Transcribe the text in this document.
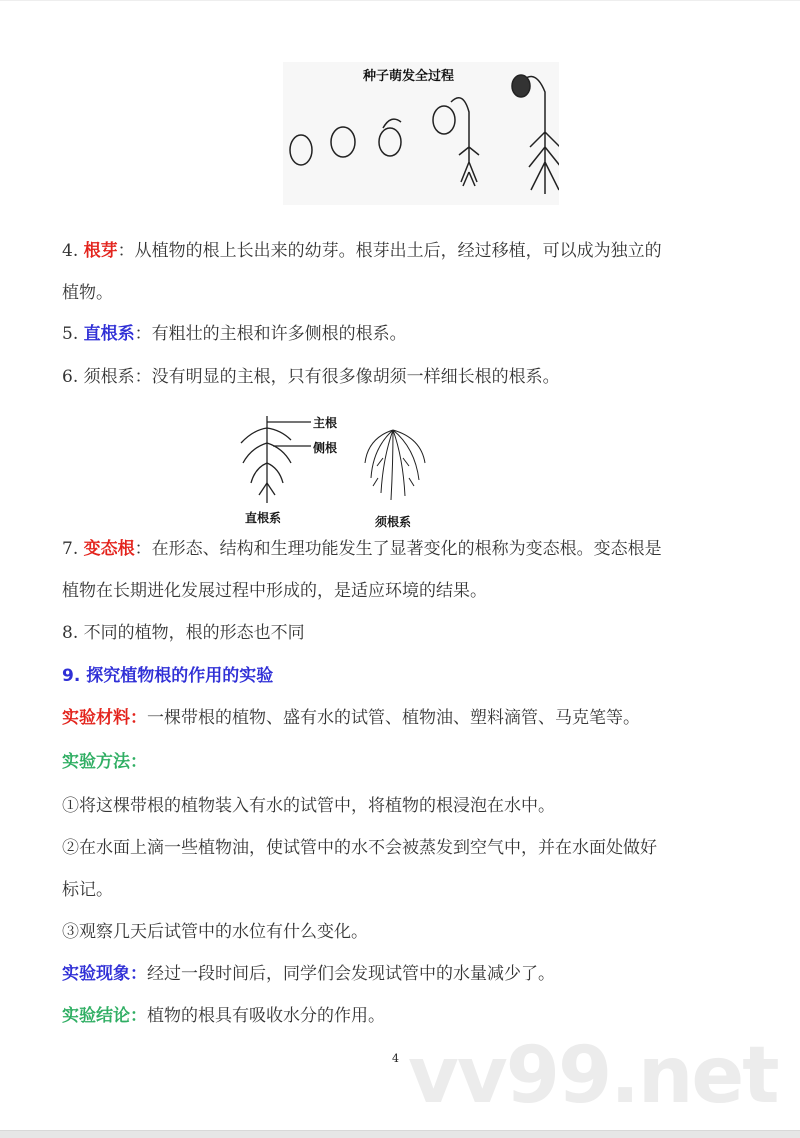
vv99.net
种子萌发全过程
4. 根芽：从植物的根上长出来的幼芽。根芽出土后，经过移植，可以成为独立的
植物。
5. 直根系：有粗壮的主根和许多侧根的根系。
6. 须根系：没有明显的主根，只有很多像胡须一样细长根的根系。
主根
侧根
直根系	须根系
7. 变态根：在形态、结构和生理功能发生了显著变化的根称为变态根。变态根是
植物在长期进化发展过程中形成的，是适应环境的结果。
8. 不同的植物，根的形态也不同
9. 探究植物根的作用的实验
实验材料：一棵带根的植物、盛有水的试管、植物油、塑料滴管、马克笔等。
实验方法：
①将这棵带根的植物装入有水的试管中，将植物的根浸泡在水中。
②在水面上滴一些植物油，使试管中的水不会被蒸发到空气中，并在水面处做好
标记。
③观察几天后试管中的水位有什么变化。
实验现象：经过一段时间后，同学们会发现试管中的水量减少了。
实验结论：植物的根具有吸收水分的作用。
4
